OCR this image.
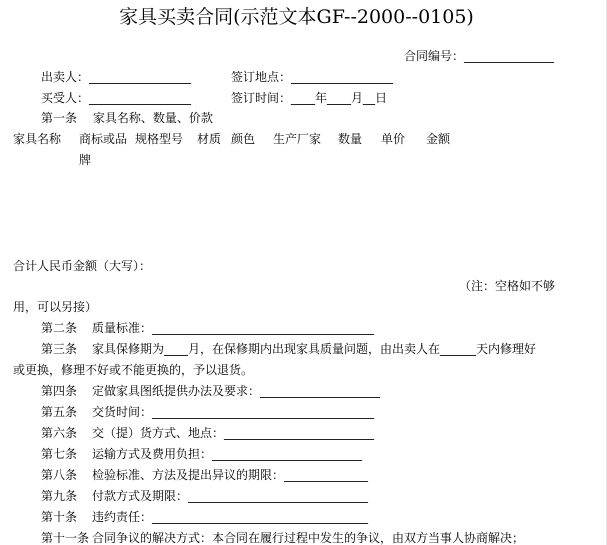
家具买卖合同(示范文本GF--2000--0105)
合同编号：_______________
出卖人：_________________	签订地点：_________________
买受人：_________________	签订时间：____年____月__日
第一条　 家具名称、数量、价款
家具名称 商标或品 规格型号 材质 颜色 生产厂家 数量 单价 金额
牌
合计人民币金额（大写）：
（注：空格如不够
用，可以另接）
第二条 质量标准：_____________________________________
第三条 家具保修期为____月，在保修期内出现家具质量问题，由出卖人在______天内修理好
或更换，修理不好或不能更换的，予以退货。
第四条 定做家具图纸提供办法及要求：____________________
第五条 交货时间：_____________________________________
第六条 交（提）货方式、地点：_________________________
第七条 运输方式及费用负担：_________________________
第八条 检验标准、方法及提出异议的期限：______________
第九条 付款方式及期限：______________________________
第十条 违约责任：____________________________________
第十一条 合同争议的解决方式：本合同在履行过程中发生的争议，由双方当事人协商解决；
